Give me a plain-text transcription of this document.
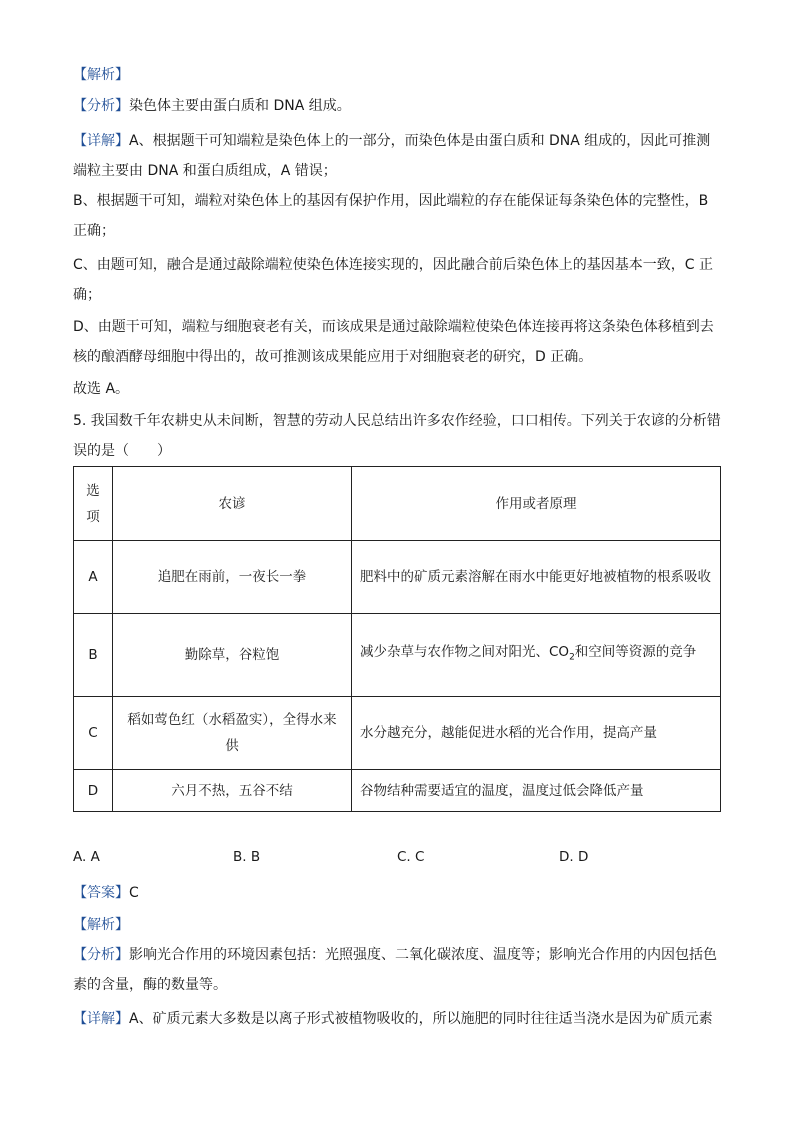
【解析】

【分析】染色体主要由蛋白质和 DNA 组成。

【详解】A、根据题干可知端粒是染色体上的一部分，而染色体是由蛋白质和 DNA 组成的，因此可推测端粒主要由 DNA 和蛋白质组成，A 错误；

B、根据题干可知，端粒对染色体上的基因有保护作用，因此端粒的存在能保证每条染色体的完整性，B 正确；

C、由题可知，融合是通过敲除端粒使染色体连接实现的，因此融合前后染色体上的基因基本一致，C 正确；

D、由题干可知，端粒与细胞衰老有关，而该成果是通过敲除端粒使染色体连接再将这条染色体移植到去核的酿酒酵母细胞中得出的，故可推测该成果能应用于对细胞衰老的研究，D 正确。

故选 A。

5. 我国数千年农耕史从未间断，智慧的劳动人民总结出许多农作经验，口口相传。下列关于农谚的分析错误的是（　　）

选项	农谚	作用或者原理
A	追肥在雨前，一夜长一拳	肥料中的矿质元素溶解在雨水中能更好地被植物的根系吸收
B	勤除草，谷粒饱	减少杂草与农作物之间对阳光、$CO_2$和空间等资源的竞争
C	稻如莺色红（水稻盈实），全得水来供	水分越充分，越能促进水稻的光合作用，提高产量
D	六月不热，五谷不结	谷物结种需要适宜的温度，温度过低会降低产量
A. A	B. B	C. C	D. D

【答案】C

【解析】

【分析】影响光合作用的环境因素包括：光照强度、二氧化碳浓度、温度等；影响光合作用的内因包括色素的含量，酶的数量等。

【详解】A、矿质元素大多数是以离子形式被植物吸收的，所以施肥的同时往往适当浇水是因为矿质元素
